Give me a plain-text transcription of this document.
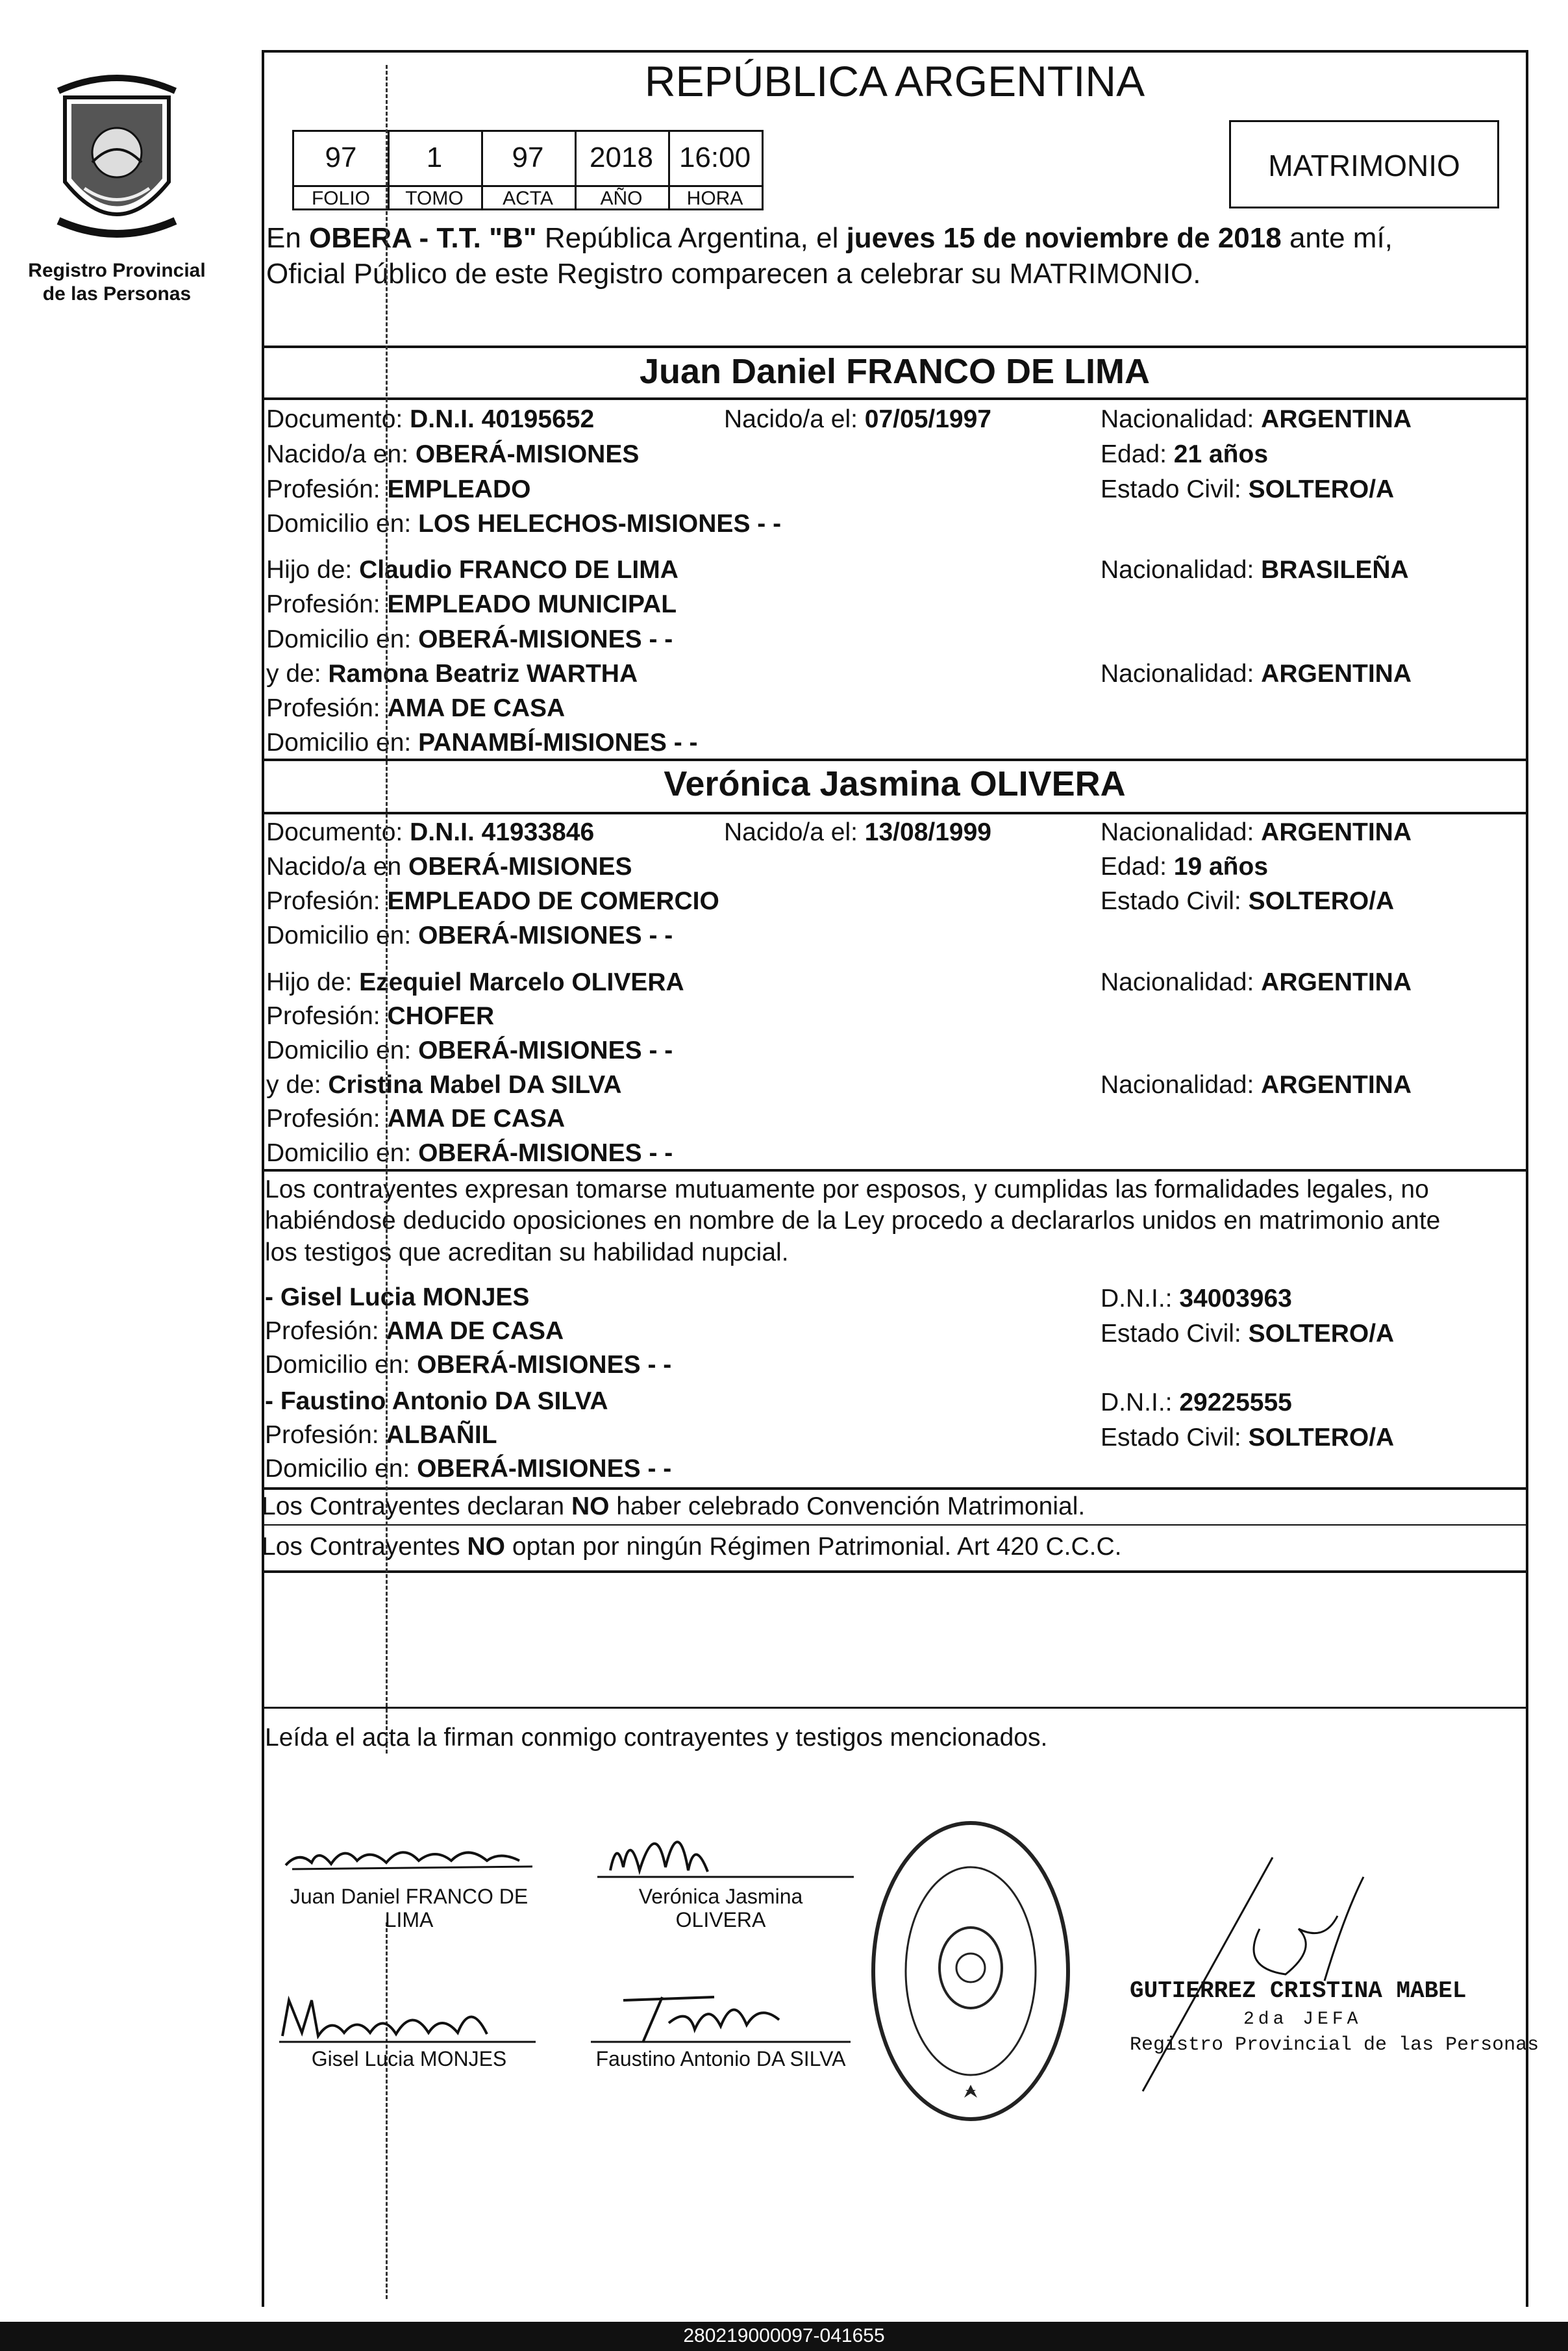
Registro Provincial
de las Personas
REPÚBLICA ARGENTINA
97	1	97	2018 16:00
FOLIO	TOMO	ACTA	AÑO	HORA
MATRIMONIO
En OBERA - T.T. "B" República Argentina, el jueves 15 de noviembre de 2018 ante mí,
Oficial Público de este Registro comparecen a celebrar su MATRIMONIO.
Juan Daniel FRANCO DE LIMA
Documento: D.N.I. 40195652	Nacido/a el: 07/05/1997	Nacionalidad: ARGENTINA
Nacido/a en: OBERÁ-MISIONES	Edad: 21 años
Profesión: EMPLEADO	Estado Civil: SOLTERO/A
Domicilio en: LOS HELECHOS-MISIONES - -
Hijo de: Claudio FRANCO DE LIMA	Nacionalidad: BRASILEÑA
Profesión: EMPLEADO MUNICIPAL
Domicilio en: OBERÁ-MISIONES - -
y de: Ramona Beatriz WARTHA	Nacionalidad: ARGENTINA
Profesión: AMA DE CASA
Domicilio en: PANAMBÍ-MISIONES - -
Verónica Jasmina OLIVERA
Documento: D.N.I. 41933846	Nacido/a el: 13/08/1999	Nacionalidad: ARGENTINA
Nacido/a en OBERÁ-MISIONES	Edad: 19 años
Profesión: EMPLEADO DE COMERCIO	Estado Civil: SOLTERO/A
Domicilio en: OBERÁ-MISIONES - -
Hijo de: Ezequiel Marcelo OLIVERA	Nacionalidad: ARGENTINA
Profesión: CHOFER
Domicilio en: OBERÁ-MISIONES - -
y de: Cristina Mabel DA SILVA	Nacionalidad: ARGENTINA
Profesión: AMA DE CASA
Domicilio en: OBERÁ-MISIONES - -
Los contrayentes expresan tomarse mutuamente por esposos, y cumplidas las formalidades legales, no
habiéndose deducido oposiciones en nombre de la Ley procedo a declararlos unidos en matrimonio ante
los testigos que acreditan su habilidad nupcial.
- Gisel Lucia MONJES	D.N.I.: 34003963
Profesión: AMA DE CASA	Estado Civil: SOLTERO/A
Domicilio en: OBERÁ-MISIONES - -
- Faustino Antonio DA SILVA	D.N.I.: 29225555
Profesión: ALBAÑIL	Estado Civil: SOLTERO/A
Domicilio en: OBERÁ-MISIONES - -
Los Contrayentes declaran NO haber celebrado Convención Matrimonial.
Los Contrayentes NO optan por ningún Régimen Patrimonial. Art 420 C.C.C.
Leída el acta la firman conmigo contrayentes y testigos mencionados.
Juan Daniel FRANCO DE
LIMA
Verónica Jasmina
OLIVERA
Gisel Lucia MONJES	Faustino Antonio DA SILVA
GUTIERREZ CRISTINA MABEL
2da JEFA
Registro Provincial de las Personas
280219000097-041655
